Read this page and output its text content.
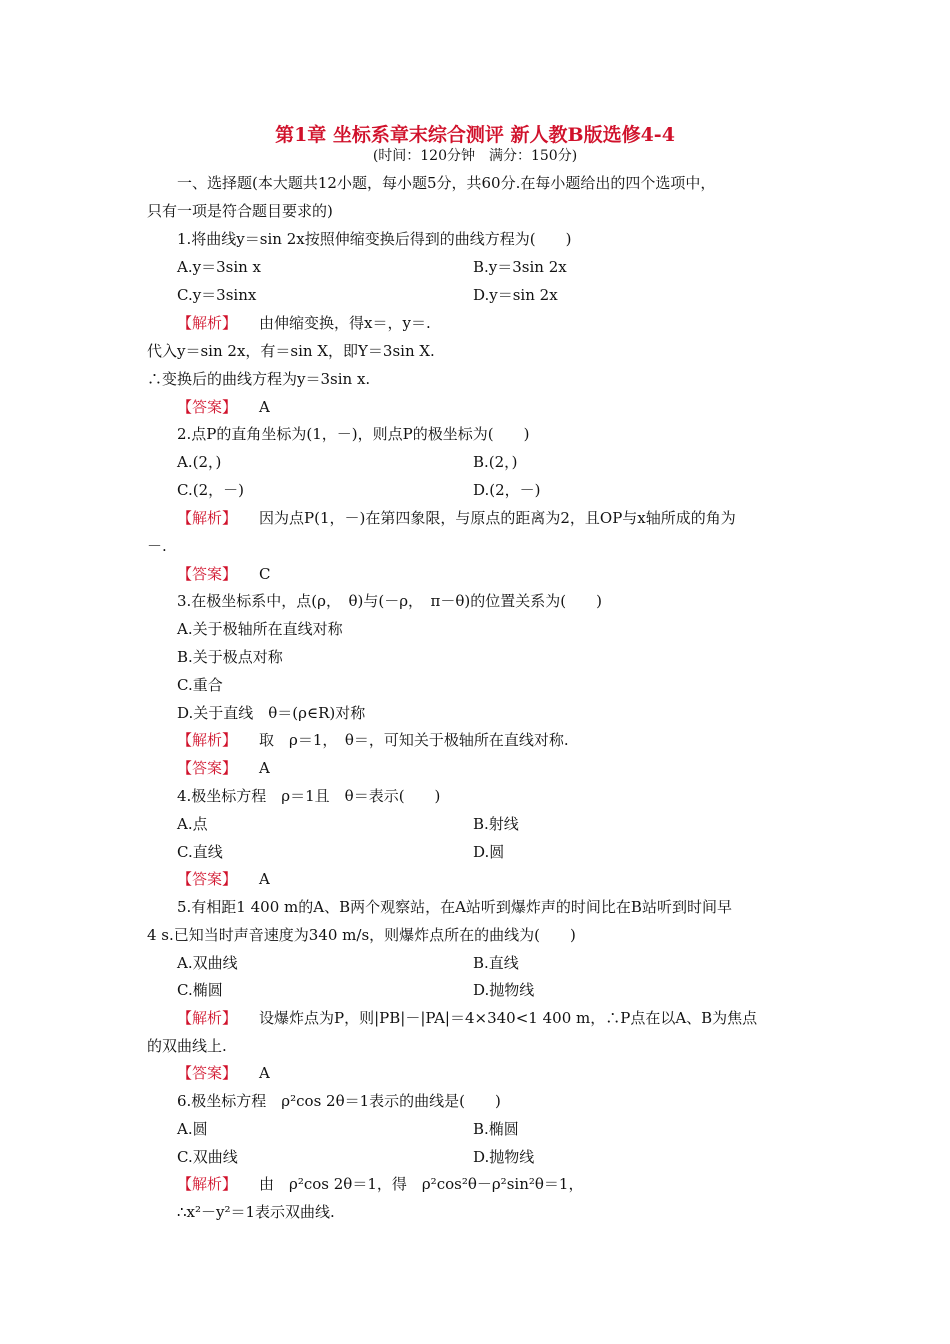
第1章 坐标系章末综合测评 新人教B版选修4-4
(时间：120分钟　满分：150分)
一、选择题(本大题共12小题，每小题5分，共60分.在每小题给出的四个选项中，
只有一项是符合题目要求的)
1.将曲线y＝sin 2x按照伸缩变换后得到的曲线方程为(　　)
A.y＝3sin x	B.y＝3sin 2x
C.y＝3sinx	D.y＝sin 2x
【解析】 由伸缩变换，得x＝，y＝.
代入y＝sin 2x，有＝sin X，即Y＝3sin X.
∴变换后的曲线方程为y＝3sin x.
【答案】 A
2.点P的直角坐标为(1，－)，则点P的极坐标为(　　)
A.(2，)	B.(2，)
C.(2，－)	D.(2，－)
【解析】 因为点P(1，－)在第四象限，与原点的距离为2，且OP与x轴所成的角为
－.
【答案】 C
3.在极坐标系中，点(ρ，　θ)与(－ρ，　π－θ)的位置关系为(　　)
A.关于极轴所在直线对称
B.关于极点对称
C.重合
D.关于直线　θ＝(ρ∈R)对称
【解析】 取　ρ＝1，　θ＝，可知关于极轴所在直线对称.
【答案】 A
4.极坐标方程　ρ＝1且　θ＝表示(　　)
A.点	B.射线
C.直线	D.圆
【答案】 A
5.有相距1 400 m的A、B两个观察站，在A站听到爆炸声的时间比在B站听到时间早
4 s.已知当时声音速度为340 m/s，则爆炸点所在的曲线为(　　)
A.双曲线	B.直线
C.椭圆	D.抛物线
【解析】 设爆炸点为P，则|PB|－|PA|＝4×340<1 400 m，∴P点在以A、B为焦点
的双曲线上.
【答案】 A
6.极坐标方程　ρ²cos 2θ＝1表示的曲线是(　　)
A.圆	B.椭圆
C.双曲线	D.抛物线
【解析】 由　ρ²cos 2θ＝1，得　ρ²cos²θ－ρ²sin²θ＝1，
∴x²－y²＝1表示双曲线.
